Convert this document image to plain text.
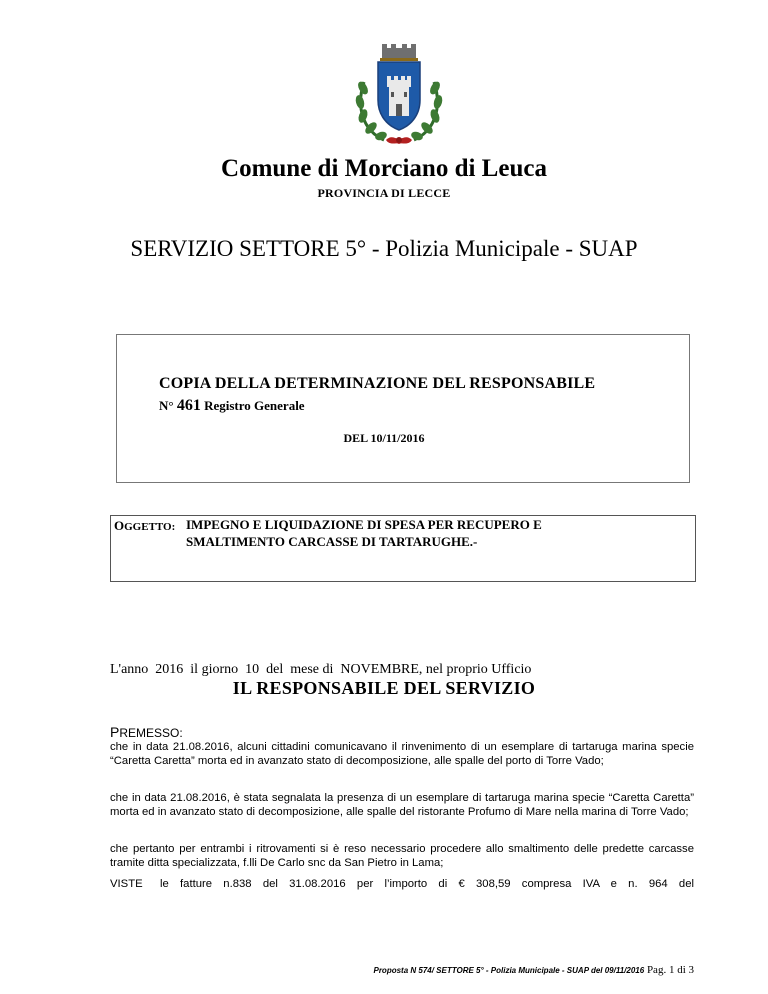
Comune di Morciano di Leuca
PROVINCIA DI LECCE
SERVIZIO SETTORE 5° - Polizia Municipale - SUAP
COPIA DELLA DETERMINAZIONE DEL RESPONSABILE
N° 461 Registro Generale
DEL 10/11/2016
OGGETTO: IMPEGNO E LIQUIDAZIONE DI SPESA PER RECUPERO E
SMALTIMENTO CARCASSE DI TARTARUGHE.-
L'anno  2016  il giorno  10  del  mese di  NOVEMBRE, nel proprio Ufficio
IL RESPONSABILE DEL SERVIZIO
PREMESSO:
che in data 21.08.2016, alcuni cittadini comunicavano il rinvenimento di un esemplare di tartaruga marina specie “Caretta Caretta” morta ed in avanzato stato di decomposizione, alle spalle del porto di Torre Vado;
che in data 21.08.2016, è stata segnalata la presenza di un esemplare di tartaruga marina specie “Caretta Caretta” morta ed in avanzato stato di decomposizione, alle spalle del ristorante Profumo di Mare nella marina di Torre Vado;
che pertanto per entrambi i ritrovamenti si è reso necessario procedere allo smaltimento delle predette carcasse tramite ditta specializzata, f.lli De Carlo snc da San Pietro in Lama;
VISTE le fatture n.838 del 31.08.2016 per l’importo di € 308,59 compresa IVA e n. 964 del
Proposta N 574/ SETTORE 5° - Polizia Municipale - SUAP del 09/11/2016 Pag. 1 di 3
